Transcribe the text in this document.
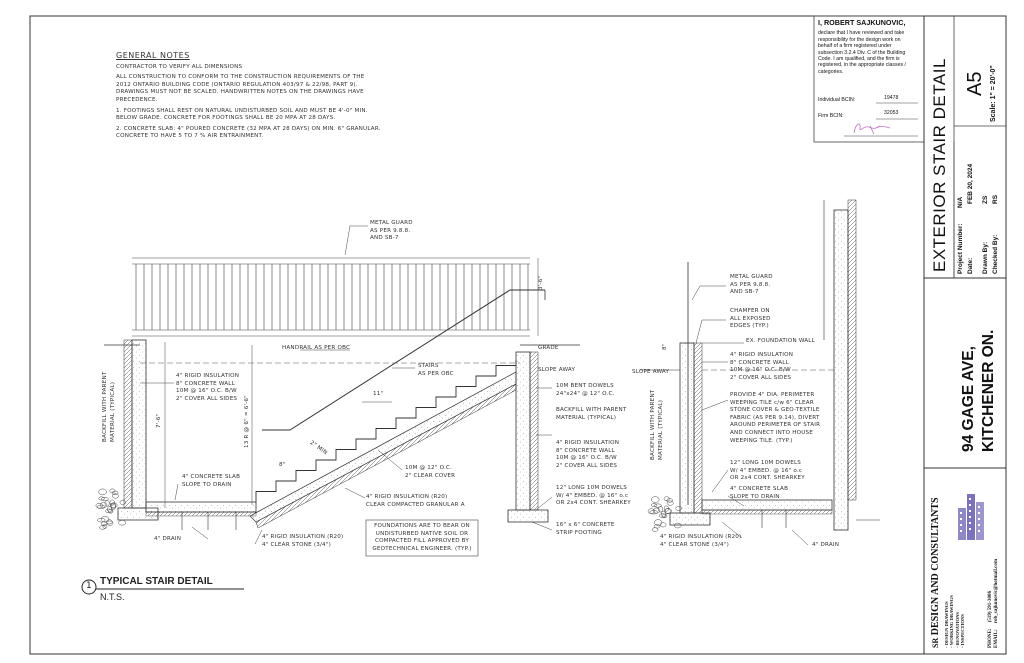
GENERAL NOTES
CONTRACTOR TO VERIFY ALL DIMENSIONS
ALL CONSTRUCTION TO CONFORM TO THE CONSTRUCTION REQUIREMENTS OF THE
2012 ONTARIO BUILDING CODE (ONTARIO REGULATION 403/97 & 22/98, PART 9).
DRAWINGS MUST NOT BE SCALED. HANDWRITTEN NOTES ON THE DRAWINGS HAVE
PRECEDENCE.
1. FOOTINGS SHALL REST ON NATURAL UNDISTURBED SOIL AND MUST BE 4'-0" MIN.
BELOW GRADE. CONCRETE FOR FOOTINGS SHALL BE 20 MPA AT 28 DAYS.
2. CONCRETE SLAB: 4" POURED CONCRETE (32 MPA AT 28 DAYS) ON MIN. 6" GRANULAR.
CONCRETE TO HAVE 5 TO 7 % AIR ENTRAINMENT.
I, ROBERT SAJKUNOVIC,
declare that I have reviewed and take
responsibility for the design work on
behalf of a firm registered under
subsection 3.2.4 Div. C of the Building
Code. I am qualified, and the firm is
registered, in the appropriate classes /
categories.
Individual BCIN:	19478
Firm BCIN:	32053 EXTERIOR STAIR DETAIL A5 Scale: 1" = 20'-0"
Project Number:
N/A
Date:
FEB 20, 2024
Drawn By:
ZS
Checked By:
RS
94 GAGE AVE, KITCHENER ON.
SR DESIGN AND CONSULTANTS - DESIGN DRAWINGS - WORKING DRAWINGS - RENOVATIONS - INSPECTIONS	PHONE:     (519) 591-3006
EMAIL:     rob_sajkunovic@hotmail.com
1 TYPICAL STAIR DETAIL
N.T.S.
METAL GUARD
AS PER 9.8.8.
AND SB-7
3'-6"
HANDRAIL AS PER OBC	GRADE
STAIRS
AS PER OBC
11"
SLOPE AWAY
4" RIGID INSULATION
8" CONCRETE WALL
10M @ 16" O.C. B/W
2" COVER ALL SIDES
BACKFILL WITH PARENT MATERIAL (TYPICAL)	7'-6"	13 R @ 6" = 6'-6"
8"
2" MIN
4" CONCRETE SLAB
SLOPE TO DRAIN
4" DRAIN	4" RIGID INSULATION (R20)
4" CLEAR STONE (3/4")
4" RIGID INSULATION (R20)
CLEAR COMPACTED GRANULAR A
10M @ 12" O.C.
2" CLEAR COVER
FOUNDATIONS ARE TO BEAR ON
UNDISTURBED NATIVE SOIL OR
COMPACTED FILL APPROVED BY
GEOTECHNICAL ENGINEER. (TYP.)
10M BENT DOWELS
24"x24" @ 12" O.C.
BACKFILL WITH PARENT
MATERIAL (TYPICAL)
4" RIGID INSULATION
8" CONCRETE WALL
10M @ 16" O.C. B/W
2" COVER ALL SIDES
12" LONG 10M DOWELS
W/ 4" EMBED. @ 16" o.c
OR 2x4 CONT. SHEARKEY
16" x 6" CONCRETE
STRIP FOOTING
METAL GUARD
AS PER 9.8.8.
AND SB-7
CHAMFER ON
ALL EXPOSED
EDGES (TYP.)
EX. FOUNDATION WALL
8"
SLOPE AWAY
4" RIGID INSULATION
8" CONCRETE WALL
10M @ 16" O.C. B/W
2" COVER ALL SIDES
PROVIDE 4" DIA. PERIMETER
WEEPING TILE c/w 6" CLEAR
STONE COVER & GEO-TEXTILE
FABRIC (AS PER 9.14), DIVERT
AROUND PERIMETER OF STAIR
AND CONNECT INTO HOUSE
WEEPING TILE. (TYP.)
BACKFILL WITH PARENT MATERIAL (TYPICAL)
12" LONG 10M DOWELS
W/ 4" EMBED. @ 16" o.c
OR 2x4 CONT. SHEARKEY
4" CONCRETE SLAB
SLOPE TO DRAIN
4" RIGID INSULATION (R20)
4" CLEAR STONE (3/4")	4" DRAIN
